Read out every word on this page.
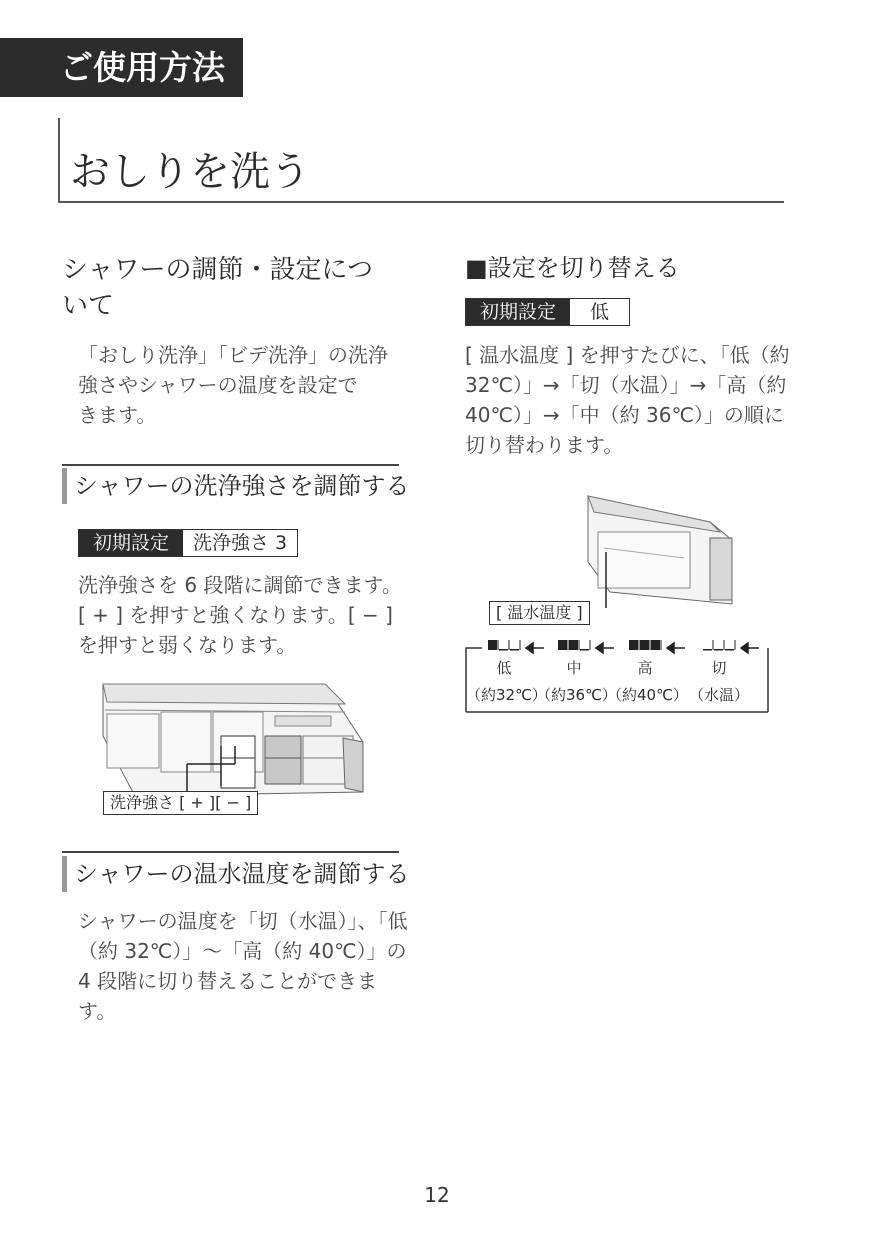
ご使用方法
おしりを洗う
シャワーの調節・設定につ
いて
「おしり洗浄」「ビデ洗浄」の洗浄
強さやシャワーの温度を設定で
きます。
シャワーの洗浄強さを調節する
初期設定	洗浄強さ 3
洗浄強さを 6 段階に調節できます。
[ + ] を押すと強くなります。[ − ]
を押すと弱くなります。
洗浄強さ [ + ][ − ]
シャワーの温水温度を調節する
シャワーの温度を「切（水温）」、「低
（約 32℃）」〜「高（約 40℃）」の
4 段階に切り替えることができま
す。
■設定を切り替える
初期設定	低
[ 温水温度 ] を押すたびに、「低（約
32℃）」→「切（水温）」→「高（約
40℃）」→「中（約 36℃）」の順に
切り替わります。
[ 温水温度 ]
低
（約32℃）
中
（約36℃）
高
（約40℃）
切
（水温）
12
